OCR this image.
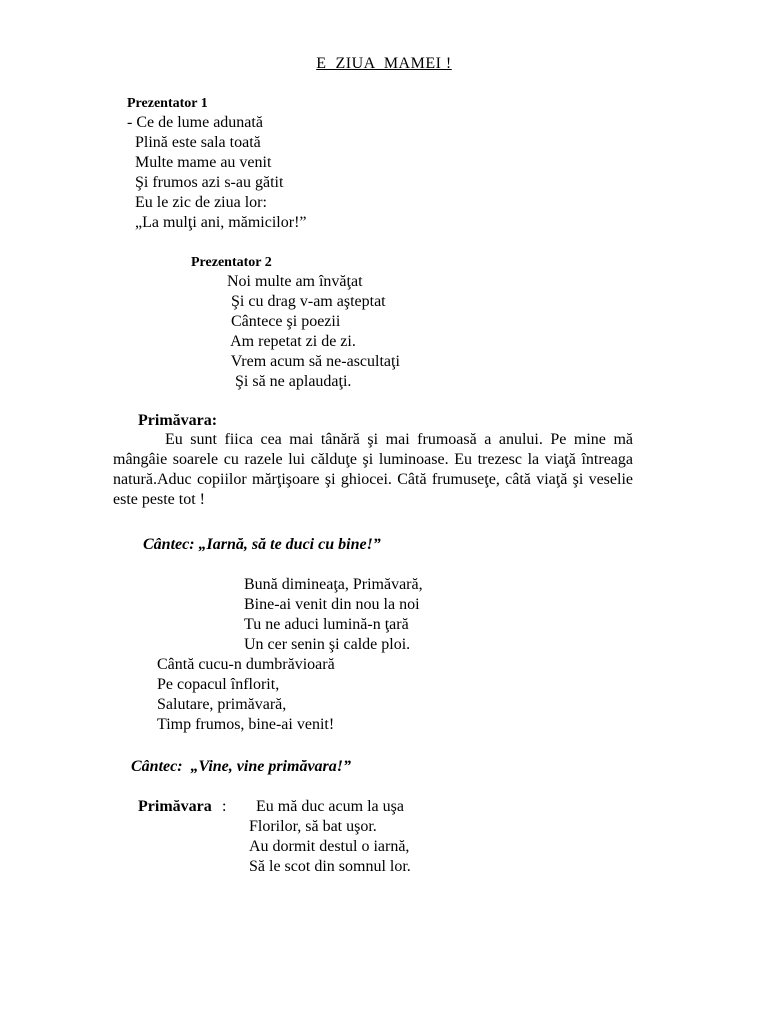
E  ZIUA  MAMEI !
Prezentator 1
- Ce de lume adunată
Plină este sala toată
Multe mame au venit
Şi frumos azi s-au gătit
Eu le zic de ziua lor:
„La mulţi ani, mămicilor!”
Prezentator 2
Noi multe am învăţat
Şi cu drag v-am aşteptat
Cântece şi poezii
Am repetat zi de zi.
Vrem acum să ne-ascultaţi
Şi să ne aplaudaţi.
Primăvara:
Eu sunt fiica cea mai tânără şi mai frumoasă a anului. Pe mine mă mângâie soarele cu razele lui călduţe şi luminoase. Eu trezesc la viaţă întreaga natură.Aduc copiilor mărţişoare şi ghiocei. Câtă frumuseţe, câtă viaţă şi veselie este peste tot !
Cântec: „Iarnă, să te duci cu bine!”
Bună dimineaţa, Primăvară,
Bine-ai venit din nou la noi
Tu ne aduci lumină-n ţară
Un cer senin şi calde ploi.
Cântă cucu-n dumbrăvioară
Pe copacul înflorit,
Salutare, primăvară,
Timp frumos, bine-ai venit!
Cântec:  „Vine, vine primăvara!”
Primăvara : Eu mă duc acum la uşa
Florilor, să bat uşor.
Au dormit destul o iarnă,
Să le scot din somnul lor.
